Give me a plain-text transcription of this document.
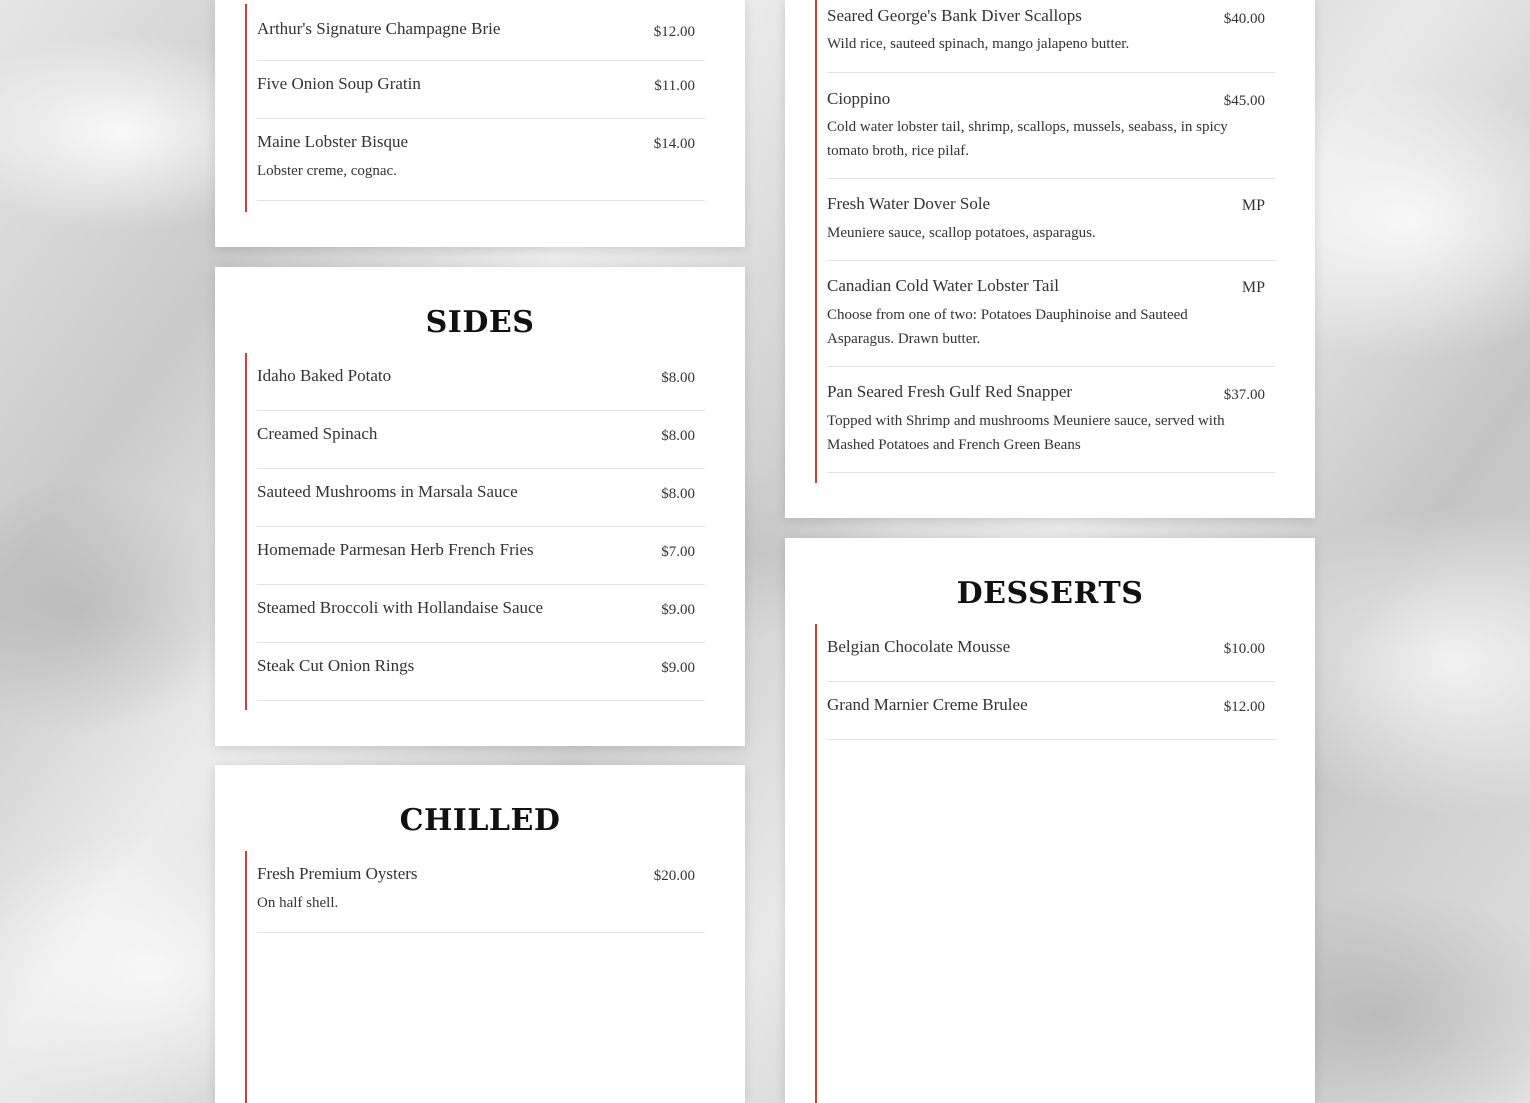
Arthur's Signature Champagne Brie	$12.00
Five Onion Soup Gratin	$11.00
Maine Lobster Bisque	$14.00
Lobster creme, cognac.
SIDES
Idaho Baked Potato	$8.00
Creamed Spinach	$8.00
Sauteed Mushrooms in Marsala Sauce	$8.00
Homemade Parmesan Herb French Fries	$7.00
Steamed Broccoli with Hollandaise Sauce	$9.00
Steak Cut Onion Rings	$9.00
CHILLED
Fresh Premium Oysters	$20.00
On half shell.
Seared George's Bank Diver Scallops	$40.00
Wild rice, sauteed spinach, mango jalapeno butter.
Cioppino	$45.00
Cold water lobster tail, shrimp, scallops, mussels, seabass, in spicy tomato broth, rice pilaf.
Fresh Water Dover Sole	MP
Meuniere sauce, scallop potatoes, asparagus.
Canadian Cold Water Lobster Tail	MP
Choose from one of two: Potatoes Dauphinoise and Sauteed Asparagus. Drawn butter.
Pan Seared Fresh Gulf Red Snapper	$37.00
Topped with Shrimp and mushrooms Meuniere sauce, served with Mashed Potatoes and French Green Beans
DESSERTS
Belgian Chocolate Mousse	$10.00
Grand Marnier Creme Brulee	$12.00
